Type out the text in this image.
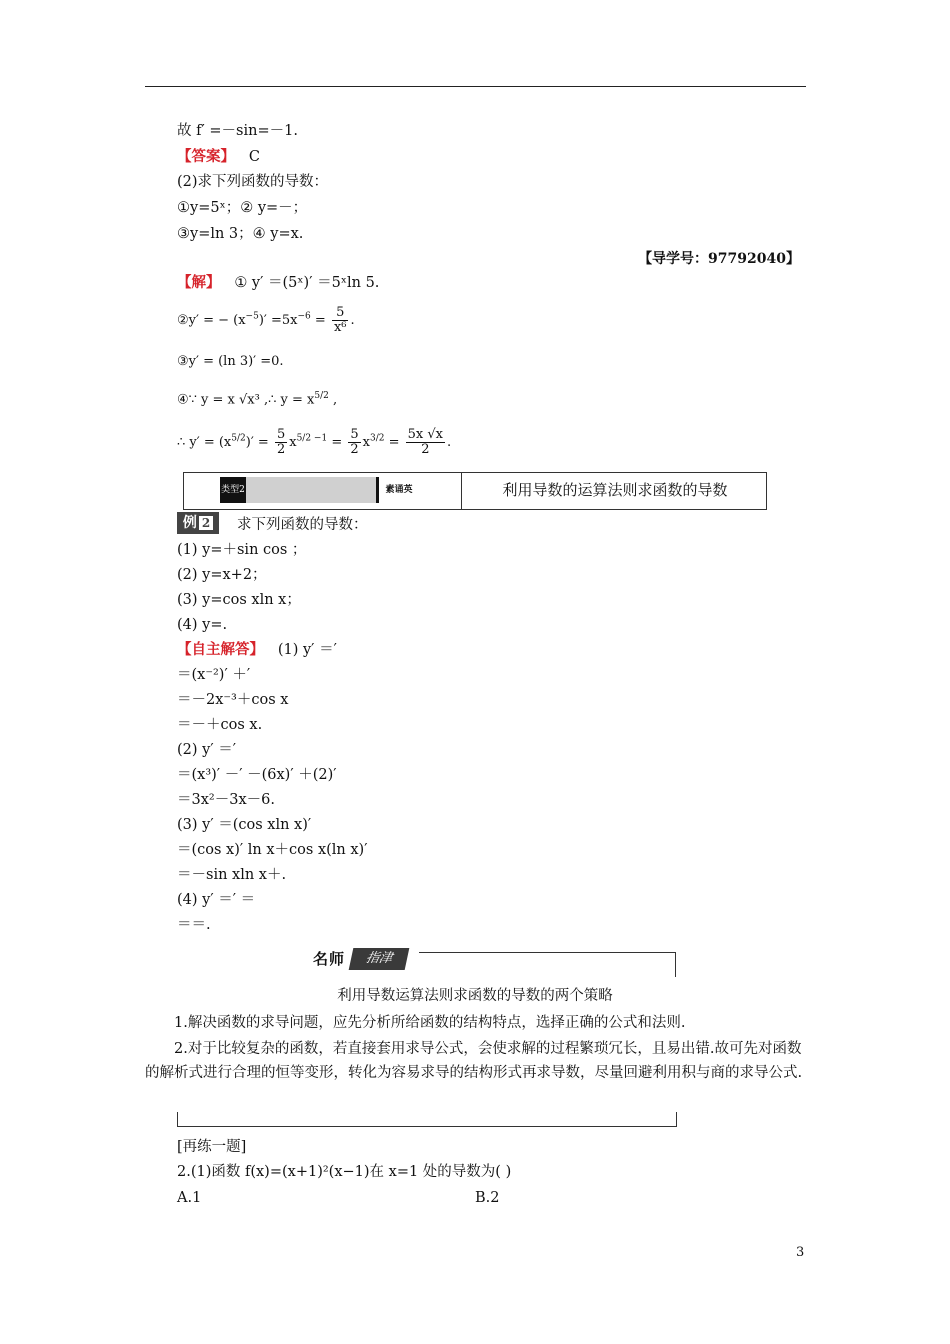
故 f′ =－sin=－1.
【答案】 C
(2)求下列函数的导数：
①y=5ˣ；② y=－；
③y=ln 3；④ y=x.
【导学号：97792040】
【解】 ① y′ ＝(5ˣ)′ ＝5ˣln 5.
②y′ = − $(x^{-5})' =5x^{-6} = \frac{5}{\text{x⁶}}$ .
③y′ = (ln 3)′ =0.
④∵ y = x √x³ ,∴ $y = x^{5/2}$ ,
∴ $y' = (x^{5/2})' = \frac{5}{2} x^{5/2 -1} = \frac{5}{2} x^{3/2} = \frac{5x √x}{2}$ .
类型2	素诵英	利用导数的运算法则求函数的导数
例 2	求下列函数的导数：
(1) y=＋sin cos ；
(2) y=x+2；
(3) y=cos xln x；
(4) y=.
【自主解答】 (1) y′ ＝′
＝(x⁻²)′ ＋′
＝－2x⁻³＋cos x
＝－＋cos x.
(2) y′ ＝′
＝(x³)′ －′ －(6x)′ ＋(2)′
＝3x²－3x－6.
(3) y′ ＝(cos xln x)′
＝(cos x)′ ln x＋cos x(ln x)′
＝－sin xln x＋.
(4) y′ ＝′ ＝
＝＝.
名师	指津
利用导数运算法则求函数的导数的两个策略
1.解决函数的求导问题，应先分析所给函数的结构特点，选择正确的公式和法则.
2.对于比较复杂的函数，若直接套用求导公式，会使求解的过程繁琐冗长，且易出错.故可先对函数的解析式进行合理的恒等变形，转化为容易求导的结构形式再求导数，尽量回避利用积与商的求导公式.
[再练一题]
2.(1)函数 f(x)=(x+1)²(x−1)在 x=1 处的导数为( )
A.1	B.2
3
